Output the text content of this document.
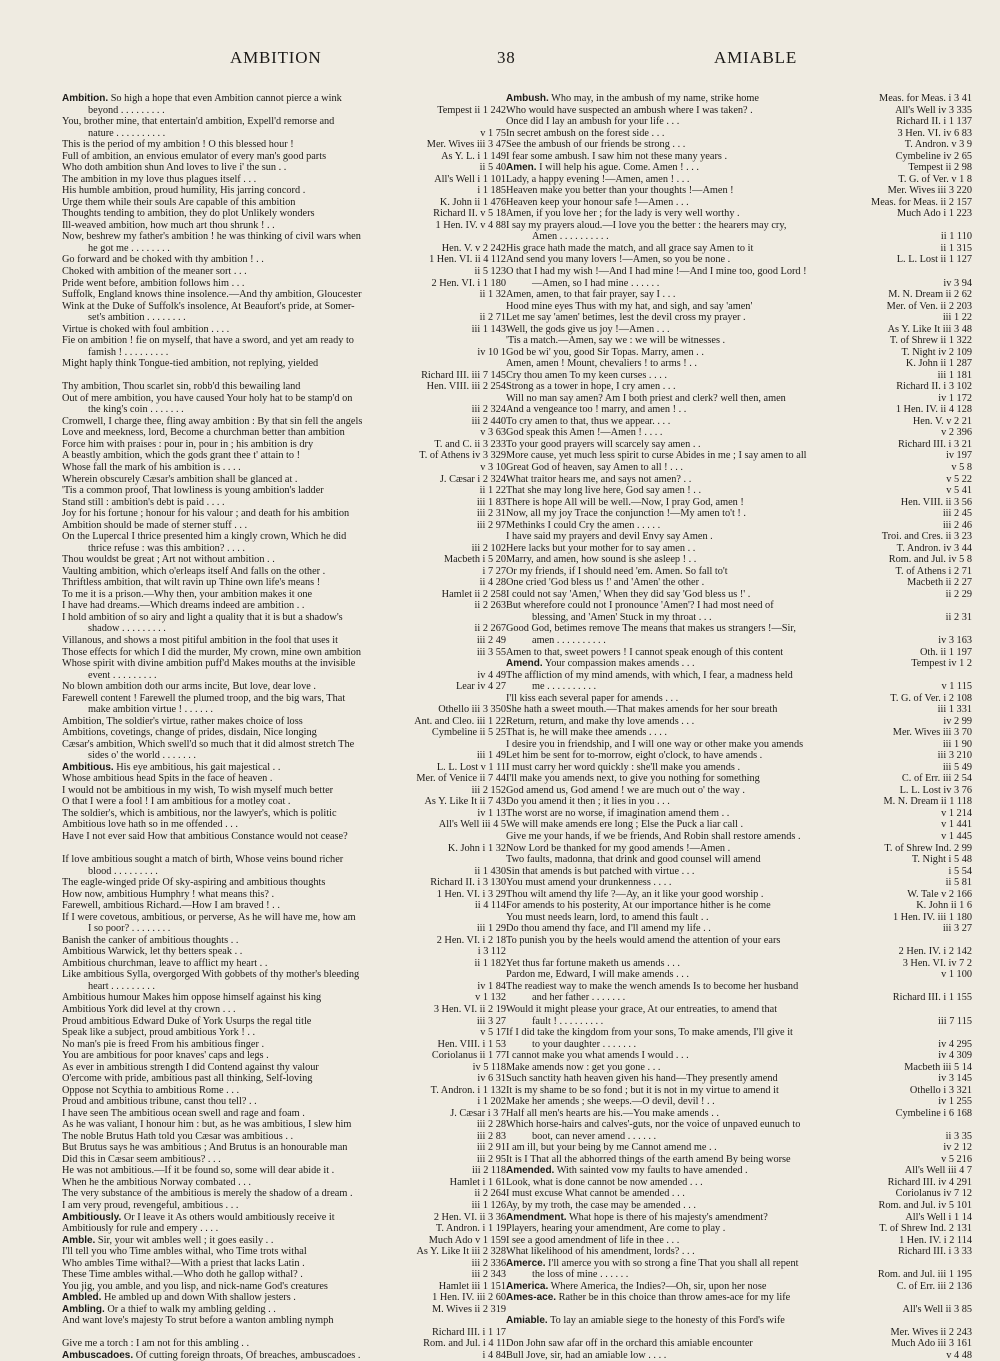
AMBITION	38	AMIABLE
Ambition. So high a hope that even Ambition cannot pierce a wink
beyond . . . . . . . . .	Tempest ii 1 242
You, brother mine, that entertain'd ambition, Expell'd remorse and
nature . . . . . . . . . .	v 1 75
This is the period of my ambition ! O this blessed hour !	Mer. Wives iii 3 47
Full of ambition, an envious emulator of every man's good parts	As Y. L. i 1 149
Who doth ambition shun And loves to live i' the sun . .	ii 5 40
The ambition in my love thus plagues itself . . .	All's Well i 1 101
His humble ambition, proud humility, His jarring concord .	i 1 185
Urge them while their souls Are capable of this ambition	K. John ii 1 476
Thoughts tending to ambition, they do plot Unlikely wonders	Richard II. v 5 18
Ill-weaved ambition, how much art thou shrunk ! . .	1 Hen. IV. v 4 88
Now, beshrew my father's ambition ! he was thinking of civil wars when
he got me . . . . . . . .	Hen. V. v 2 242
Go forward and be choked with thy ambition ! . .	1 Hen. VI. ii 4 112
Choked with ambition of the meaner sort . . .	ii 5 123
Pride went before, ambition follows him . . .	2 Hen. VI. i 1 180
Suffolk, England knows thine insolence.—And thy ambition, Gloucester	ii 1 32
Wink at the Duke of Suffolk's insolence, At Beaufort's pride, at Somer-
set's ambition . . . . . . . .	ii 2 71
Virtue is choked with foul ambition . . . .	iii 1 143
Fie on ambition ! fie on myself, that have a sword, and yet am ready to
famish ! . . . . . . . . .	iv 10 1
Might haply think Tongue-tied ambition, not replying, yielded
Richard III. iii 7 145
Thy ambition, Thou scarlet sin, robb'd this bewailing land	Hen. VIII. iii 2 254
Out of mere ambition, you have caused Your holy hat to be stamp'd on
the king's coin . . . . . . .	iii 2 324
Cromwell, I charge thee, fling away ambition : By that sin fell the angels	iii 2 440
Love and meekness, lord, Become a churchman better than ambition	v 3 63
Force him with praises : pour in, pour in ; his ambition is dry	T. and C. ii 3 233
A beastly ambition, which the gods grant thee t' attain to !	T. of Athens iv 3 329
Whose fall the mark of his ambition is . . . .	v 3 10
Wherein obscurely Cæsar's ambition shall be glanced at .	J. Cæsar i 2 324
'Tis a common proof, That lowliness is young ambition's ladder	ii 1 22
Stand still : ambition's debt is paid . . . .	iii 1 83
Joy for his fortune ; honour for his valour ; and death for his ambition	iii 2 31
Ambition should be made of sterner stuff . . .	iii 2 97
On the Lupercal I thrice presented him a kingly crown, Which he did
thrice refuse : was this ambition? . . . .	iii 2 102
Thou wouldst be great ; Art not without ambition . .	Macbeth i 5 20
Vaulting ambition, which o'erleaps itself And falls on the other .	i 7 27
Thriftless ambition, that wilt ravin up Thine own life's means !	ii 4 28
To me it is a prison.—Why then, your ambition makes it one	Hamlet ii 2 258
I have had dreams.—Which dreams indeed are ambition . .	ii 2 263
I hold ambition of so airy and light a quality that it is but a shadow's
shadow . . . . . . . . .	ii 2 267
Villanous, and shows a most pitiful ambition in the fool that uses it	iii 2 49
Those effects for which I did the murder, My crown, mine own ambition	iii 3 55
Whose spirit with divine ambition puff'd Makes mouths at the invisible
event . . . . . . . . .	iv 4 49
No blown ambition doth our arms incite, But love, dear love .	Lear iv 4 27
Farewell content ! Farewell the plumed troop, and the big wars, That
make ambition virtue ! . . . . . .	Othello iii 3 350
Ambition, The soldier's virtue, rather makes choice of loss	Ant. and Cleo. iii 1 22
Ambitions, covetings, change of prides, disdain, Nice longing	Cymbeline ii 5 25
Cæsar's ambition, Which swell'd so much that it did almost stretch The
sides o' the world . . . . . . .	iii 1 49
Ambitious. His eye ambitious, his gait majestical . .	L. L. Lost v 1 11
Whose ambitious head Spits in the face of heaven .	Mer. of Venice ii 7 44
I would not be ambitious in my wish, To wish myself much better	iii 2 152
O that I were a fool ! I am ambitious for a motley coat .	As Y. Like It ii 7 43
The soldier's, which is ambitious, nor the lawyer's, which is politic	iv 1 13
Ambitious love hath so in me offended . . .	All's Well iii 4 5
Have I not ever said How that ambitious Constance would not cease?
K. John i 1 32
If love ambitious sought a match of birth, Whose veins bound richer
blood . . . . . . . . .	ii 1 430
The eagle-winged pride Of sky-aspiring and ambitious thoughts	Richard II. i 3 130
How now, ambitious Humphry ! what means this? .	1 Hen. VI. i 3 29
Farewell, ambitious Richard.—How I am braved ! . .	ii 4 114
If I were covetous, ambitious, or perverse, As he will have me, how am
I so poor? . . . . . . . .	iii 1 29
Banish the canker of ambitious thoughts . .	2 Hen. VI. i 2 18
Ambitious Warwick, let thy betters speak . .	i 3 112
Ambitious churchman, leave to afflict my heart . .	ii 1 182
Like ambitious Sylla, overgorged With gobbets of thy mother's bleeding
heart . . . . . . . . .	iv 1 84
Ambitious humour Makes him oppose himself against his king	v 1 132
Ambitious York did level at thy crown . . .	3 Hen. VI. ii 2 19
Proud ambitious Edward Duke of York Usurps the regal title	iii 3 27
Speak like a subject, proud ambitious York ! . .	v 5 17
No man's pie is freed From his ambitious finger .	Hen. VIII. i 1 53
You are ambitious for poor knaves' caps and legs .	Coriolanus ii 1 77
As ever in ambitious strength I did Contend against thy valour	iv 5 118
O'ercome with pride, ambitious past all thinking, Self-loving	iv 6 31
Oppose not Scythia to ambitious Rome . . .	T. Andron. i 1 132
Proud and ambitious tribune, canst thou tell? . .	i 1 202
I have seen The ambitious ocean swell and rage and foam .	J. Cæsar i 3 7
As he was valiant, I honour him : but, as he was ambitious, I slew him	iii 2 28
The noble Brutus Hath told you Cæsar was ambitious . .	iii 2 83
But Brutus says he was ambitious ; And Brutus is an honourable man	iii 2 91
Did this in Cæsar seem ambitious? . . .	iii 2 95
He was not ambitious.—If it be found so, some will dear abide it .	iii 2 118
When he the ambitious Norway combated . . .	Hamlet i 1 61
The very substance of the ambitious is merely the shadow of a dream .	ii 2 264
I am very proud, revengeful, ambitious . . .	iii 1 126
Ambitiously. Or I leave it As others would ambitiously receive it	2 Hen. VI. ii 3 36
Ambitiously for rule and empery . . . .	T. Andron. i 1 19
Amble. Sir, your wit ambles well ; it goes easily . .	Much Ado v 1 159
I'll tell you who Time ambles withal, who Time trots withal	As Y. Like It iii 2 328
Who ambles Time withal?—With a priest that lacks Latin .	iii 2 336
These Time ambles withal.—Who doth he gallop withal? .	iii 2 343
You jig, you amble, and you lisp, and nick-name God's creatures	Hamlet iii 1 151
Ambled. He ambled up and down With shallow jesters .	1 Hen. IV. iii 2 60
Ambling. Or a thief to walk my ambling gelding . .	M. Wives ii 2 319
And want love's majesty To strut before a wanton ambling nymph
Richard III. i 1 17
Give me a torch : I am not for this ambling . .	Rom. and Jul. i 4 11
Ambuscadoes. Of cutting foreign throats, Of breaches, ambuscadoes .	i 4 84
Ambush. Who may, in the ambush of my name, strike home	Meas. for Meas. i 3 41
Who would have suspected an ambush where I was taken? .	All's Well iv 3 335
Once did I lay an ambush for your life . . .	Richard II. i 1 137
In secret ambush on the forest side . . .	3 Hen. VI. iv 6 83
See the ambush of our friends be strong . . .	T. Andron. v 3 9
I fear some ambush. I saw him not these many years .	Cymbeline iv 2 65
Amen. I will help his ague. Come. Amen ! . . .	Tempest ii 2 98
Lady, a happy evening !—Amen, amen ! . . .	T. G. of Ver. v 1 8
Heaven make you better than your thoughts !—Amen !	Mer. Wives iii 3 220
Heaven keep your honour safe !—Amen . . .	Meas. for Meas. ii 2 157
Amen, if you love her ; for the lady is very well worthy .	Much Ado i 1 223
I say my prayers aloud.—I love you the better : the hearers may cry,
Amen . . . . . . . . . .	ii 1 110
His grace hath made the match, and all grace say Amen to it	ii 1 315
And send you many lovers !—Amen, so you be none .	L. L. Lost ii 1 127
O that I had my wish !—And I had mine !—And I mine too, good Lord !
—Amen, so I had mine . . . . . .	iv 3 94
Amen, amen, to that fair prayer, say I . . .	M. N. Dream ii 2 62
Hood mine eyes Thus with my hat, and sigh, and say 'amen'	Mer. of Ven. ii 2 203
Let me say 'amen' betimes, lest the devil cross my prayer .	iii 1 22
Well, the gods give us joy !—Amen . . .	As Y. Like It iii 3 48
'Tis a match.—Amen, say we : we will be witnesses .	T. of Shrew ii 1 322
God be wi' you, good Sir Topas. Marry, amen . .	T. Night iv 2 109
Amen, amen ! Mount, chevaliers ! to arms ! . .	K. John ii 1 287
Cry thou amen To my keen curses . . . .	iii 1 181
Strong as a tower in hope, I cry amen . . .	Richard II. i 3 102
Will no man say amen? Am I both priest and clerk? well then, amen	iv 1 172
And a vengeance too ! marry, and amen ! . .	1 Hen. IV. ii 4 128
To cry amen to that, thus we appear. . . .	Hen. V. v 2 21
God speak this Amen !—Amen ! . . . .	v 2 396
To your good prayers will scarcely say amen . .	Richard III. i 3 21
More cause, yet much less spirit to curse Abides in me ; I say amen to all	iv 197
Great God of heaven, say Amen to all ! . . .	v 5 8
What traitor hears me, and says not amen? . .	v 5 22
That she may long live here, God say amen ! . .	v 5 41
There is hope All will be well.—Now, I pray God, amen !	Hen. VIII. ii 3 56
Now, all my joy Trace the conjunction !—My amen to't ! .	iii 2 45
Methinks I could Cry the amen . . . . .	iii 2 46
I have said my prayers and devil Envy say Amen .	Troi. and Cres. ii 3 23
Here lacks but your mother for to say amen . .	T. Andron. iv 3 44
Marry, and amen, how sound is she asleep ! . .	Rom. and Jul. iv 5 8
Or my friends, if I should need 'em. Amen. So fall to't	T. of Athens i 2 71
One cried 'God bless us !' and 'Amen' the other .	Macbeth ii 2 27
I could not say 'Amen,' When they did say 'God bless us !' .	ii 2 29
But wherefore could not I pronounce 'Amen'? I had most need of
blessing, and 'Amen' Stuck in my throat . . .	ii 2 31
Good God, betimes remove The means that makes us strangers !—Sir,
amen . . . . . . . . . .	iv 3 163
Amen to that, sweet powers ! I cannot speak enough of this content	Oth. ii 1 197
Amend. Your compassion makes amends . . .	Tempest iv 1 2
The affliction of my mind amends, with which, I fear, a madness held
me . . . . . . . . . .	v 1 115
I'll kiss each several paper for amends . . .	T. G. of Ver. i 2 108
She hath a sweet mouth.—That makes amends for her sour breath	iii 1 331
Return, return, and make thy love amends . . .	iv 2 99
That is, he will make thee amends . . . .	Mer. Wives iii 3 70
I desire you in friendship, and I will one way or other make you amends	iii 1 90
Let him be sent for to-morrow, eight o'clock, to have amends .	iii 3 210
I must carry her word quickly : she'll make you amends .	iii 5 49
I'll make you amends next, to give you nothing for something	C. of Err. iii 2 54
God amend us, God amend ! we are much out o' the way .	L. L. Lost iv 3 76
Do you amend it then ; it lies in you . . .	M. N. Dream ii 1 118
The worst are no worse, if imagination amend them . .	v 1 214
We will make amends ere long ; Else the Puck a liar call .	v 1 441
Give me your hands, if we be friends, And Robin shall restore amends .	v 1 445
Now Lord be thanked for my good amends !—Amen .	T. of Shrew Ind. 2 99
Two faults, madonna, that drink and good counsel will amend	T. Night i 5 48
Sin that amends is but patched with virtue . . .	i 5 54
You must amend your drunkenness . . . .	ii 5 81
Thou wilt amend thy life ?—Ay, an it like your good worship .	W. Tale v 2 166
For amends to his posterity, At our importance hither is he come	K. John ii 1 6
You must needs learn, lord, to amend this fault . .	1 Hen. IV. iii 1 180
Do thou amend thy face, and I'll amend my life . .	iii 3 27
To punish you by the heels would amend the attention of your ears
2 Hen. IV. i 2 142
Yet thus far fortune maketh us amends . . .	3 Hen. VI. iv 7 2
Pardon me, Edward, I will make amends . . .	v 1 100
The readiest way to make the wench amends Is to become her husband
and her father . . . . . . .	Richard III. i 1 155
Would it might please your grace, At our entreaties, to amend that
fault ! . . . . . . . . .	iii 7 115
If I did take the kingdom from your sons, To make amends, I'll give it
to your daughter . . . . . . .	iv 4 295
I cannot make you what amends I would . . .	iv 4 309
Make amends now : get you gone . . .	Macbeth iii 5 14
Such sanctity hath heaven given his hand—They presently amend	iv 3 145
It is my shame to be so fond ; but it is not in my virtue to amend it	Othello i 3 321
Make her amends ; she weeps.—O devil, devil ! . .	iv 1 255
Half all men's hearts are his.—You make amends . .	Cymbeline i 6 168
Which horse-hairs and calves'-guts, nor the voice of unpaved eunuch to
boot, can never amend . . . . . .	ii 3 35
I am ill, but your being by me Cannot amend me . .	iv 2 12
It is I That all the abhorred things of the earth amend By being worse	v 5 216
Amended. With sainted vow my faults to have amended .	All's Well iii 4 7
Look, what is done cannot be now amended . . .	Richard III. iv 4 291
I must excuse What cannot be amended . . .	Coriolanus iv 7 12
Ay, by my troth, the case may be amended . . .	Rom. and Jul. iv 5 101
Amendment. What hope is there of his majesty's amendment?	All's Well i 1 14
Players, hearing your amendment, Are come to play .	T. of Shrew Ind. 2 131
I see a good amendment of life in thee . . .	1 Hen. IV. i 2 114
What likelihood of his amendment, lords? . . .	Richard III. i 3 33
Amerce. I'll amerce you with so strong a fine That you shall all repent
the loss of mine . . . . . .	Rom. and Jul. iii 1 195
America. Where America, the Indies?—Oh, sir, upon her nose	C. of Err. iii 2 136
Ames-ace. Rather be in this choice than throw ames-ace for my life
All's Well ii 3 85
Amiable. To lay an amiable siege to the honesty of this Ford's wife
Mer. Wives ii 2 243
Don John saw afar off in the orchard this amiable encounter	Much Ado iii 3 161
Bull Jove, sir, had an amiable low . . . .	v 4 48
